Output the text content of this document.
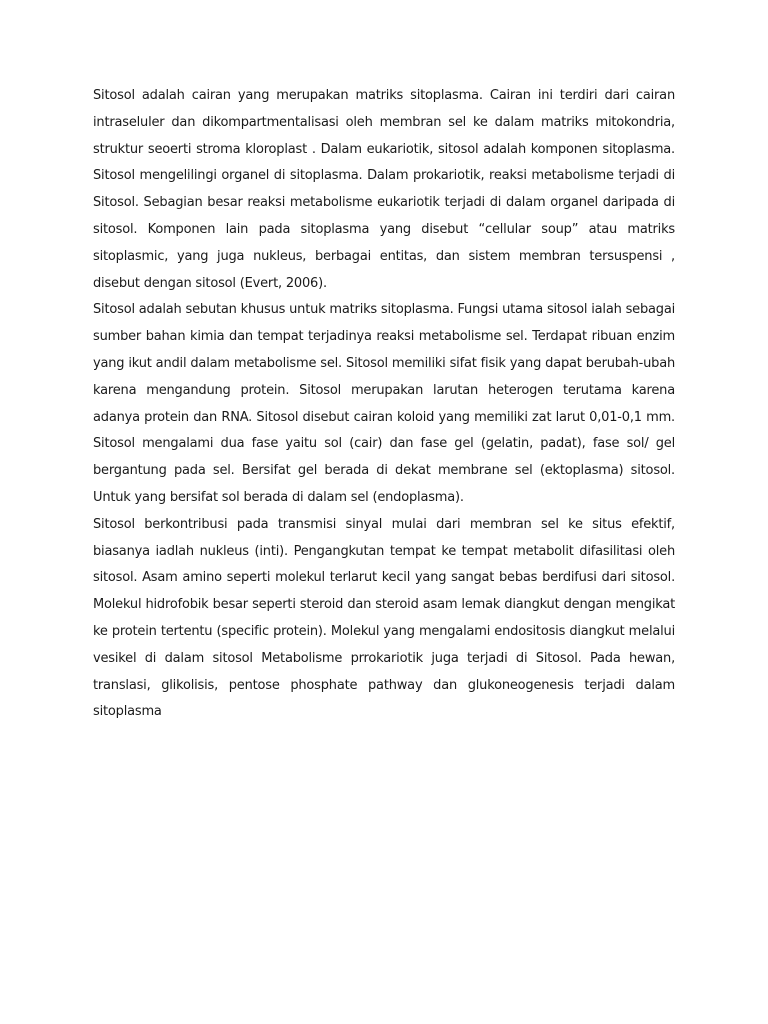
Sitosol adalah cairan yang merupakan matriks sitoplasma. Cairan ini terdiri dari cairan intraseluler dan dikompartmentalisasi oleh membran sel ke dalam matriks mitokondria, struktur seoerti stroma kloroplast . Dalam eukariotik, sitosol adalah komponen sitoplasma. Sitosol mengelilingi organel di sitoplasma. Dalam prokariotik, reaksi metabolisme terjadi di Sitosol. Sebagian besar reaksi metabolisme eukariotik terjadi di dalam organel daripada di sitosol. Komponen lain pada sitoplasma yang disebut “cellular soup” atau matriks sitoplasmic, yang juga nukleus, berbagai entitas, dan sistem membran tersuspensi , disebut dengan sitosol (Evert, 2006).

Sitosol adalah sebutan khusus untuk matriks sitoplasma. Fungsi utama sitosol ialah sebagai sumber bahan kimia dan tempat terjadinya reaksi metabolisme sel. Terdapat ribuan enzim yang ikut andil dalam metabolisme sel. Sitosol memiliki sifat fisik yang dapat berubah-ubah karena mengandung protein. Sitosol merupakan larutan heterogen terutama karena adanya protein dan RNA. Sitosol disebut cairan koloid yang memiliki zat larut 0,01-0,1 mm. Sitosol mengalami dua fase yaitu sol (cair) dan fase gel (gelatin, padat), fase sol/ gel bergantung pada sel. Bersifat gel berada di dekat membrane sel (ektoplasma) sitosol. Untuk yang bersifat sol berada di dalam sel (endoplasma).

Sitosol berkontribusi pada transmisi sinyal mulai dari membran sel ke situs efektif, biasanya iadlah nukleus (inti). Pengangkutan tempat ke tempat metabolit difasilitasi oleh sitosol. Asam amino seperti molekul terlarut kecil yang sangat bebas berdifusi dari sitosol. Molekul hidrofobik besar seperti steroid dan steroid asam lemak diangkut dengan mengikat ke protein tertentu (specific protein). Molekul yang mengalami endositosis diangkut melalui vesikel di dalam sitosol Metabolisme prrokariotik juga terjadi di Sitosol. Pada hewan, translasi, glikolisis, pentose phosphate pathway dan glukoneogenesis terjadi dalam sitoplasma
